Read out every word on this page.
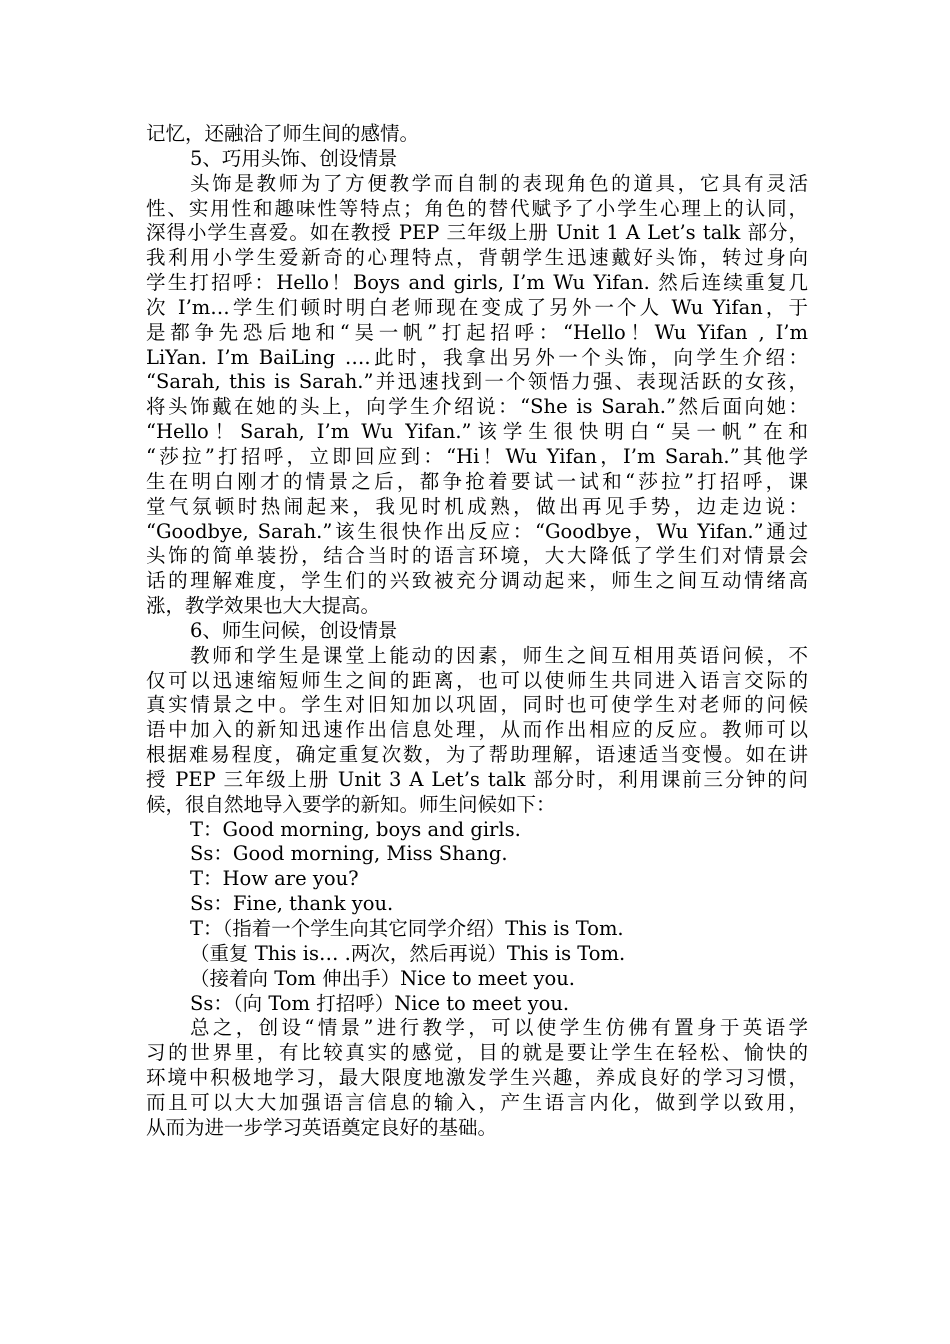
记忆，还融洽了师生间的感情。
5、巧用头饰、创设情景
头饰是教师为了方便教学而自制的表现角色的道具，它具有灵活
性、实用性和趣味性等特点；角色的替代赋予了小学生心理上的认同，
深得小学生喜爱。如在教授 PEP 三年级上册 Unit 1 A Let’s talk 部分，
我利用小学生爱新奇的心理特点，背朝学生迅速戴好头饰，转过身向
学生打招呼：Hello！Boys and girls, I’m Wu Yifan. 然后连续重复几
次 I’m…学生们顿时明白老师现在变成了另外一个人 Wu Yifan，于
是都争先恐后地和“吴一帆”打起招呼：“Hello！Wu Yifan , I’m
LiYan. I’m BaiLing ….此时，我拿出另外一个头饰，向学生介绍：
“Sarah, this is Sarah.”并迅速找到一个领悟力强、表现活跃的女孩，
将头饰戴在她的头上，向学生介绍说：“She is Sarah.”然后面向她：
“Hello！Sarah, I’m Wu Yifan.”该学生很快明白“吴一帆”在和
“莎拉”打招呼，立即回应到：“Hi！Wu Yifan，I’m Sarah.”其他学
生在明白刚才的情景之后，都争抢着要试一试和“莎拉”打招呼，课
堂气氛顿时热闹起来，我见时机成熟，做出再见手势，边走边说：
“Goodbye, Sarah.”该生很快作出反应：“Goodbye，Wu Yifan.”通过
头饰的简单装扮，结合当时的语言环境，大大降低了学生们对情景会
话的理解难度，学生们的兴致被充分调动起来，师生之间互动情绪高
涨，教学效果也大大提高。
6、师生问候，创设情景
教师和学生是课堂上能动的因素，师生之间互相用英语问候，不
仅可以迅速缩短师生之间的距离，也可以使师生共同进入语言交际的
真实情景之中。学生对旧知加以巩固，同时也可使学生对老师的问候
语中加入的新知迅速作出信息处理，从而作出相应的反应。教师可以
根据难易程度，确定重复次数，为了帮助理解，语速适当变慢。如在讲
授 PEP 三年级上册 Unit 3 A Let’s talk 部分时，利用课前三分钟的问
候，很自然地导入要学的新知。师生问候如下：
T：Good morning, boys and girls.
Ss：Good morning, Miss Shang.
T：How are you?
Ss：Fine, thank you.
T：（指着一个学生向其它同学介绍）This is Tom.
（重复 This is… .两次，然后再说）This is Tom.
（接着向 Tom 伸出手）Nice to meet you.
Ss：（向 Tom 打招呼）Nice to meet you.
总之，创设“情景”进行教学，可以使学生仿佛有置身于英语学
习的世界里，有比较真实的感觉，目的就是要让学生在轻松、愉快的
环境中积极地学习，最大限度地激发学生兴趣，养成良好的学习习惯，
而且可以大大加强语言信息的输入，产生语言内化，做到学以致用，
从而为进一步学习英语奠定良好的基础。
